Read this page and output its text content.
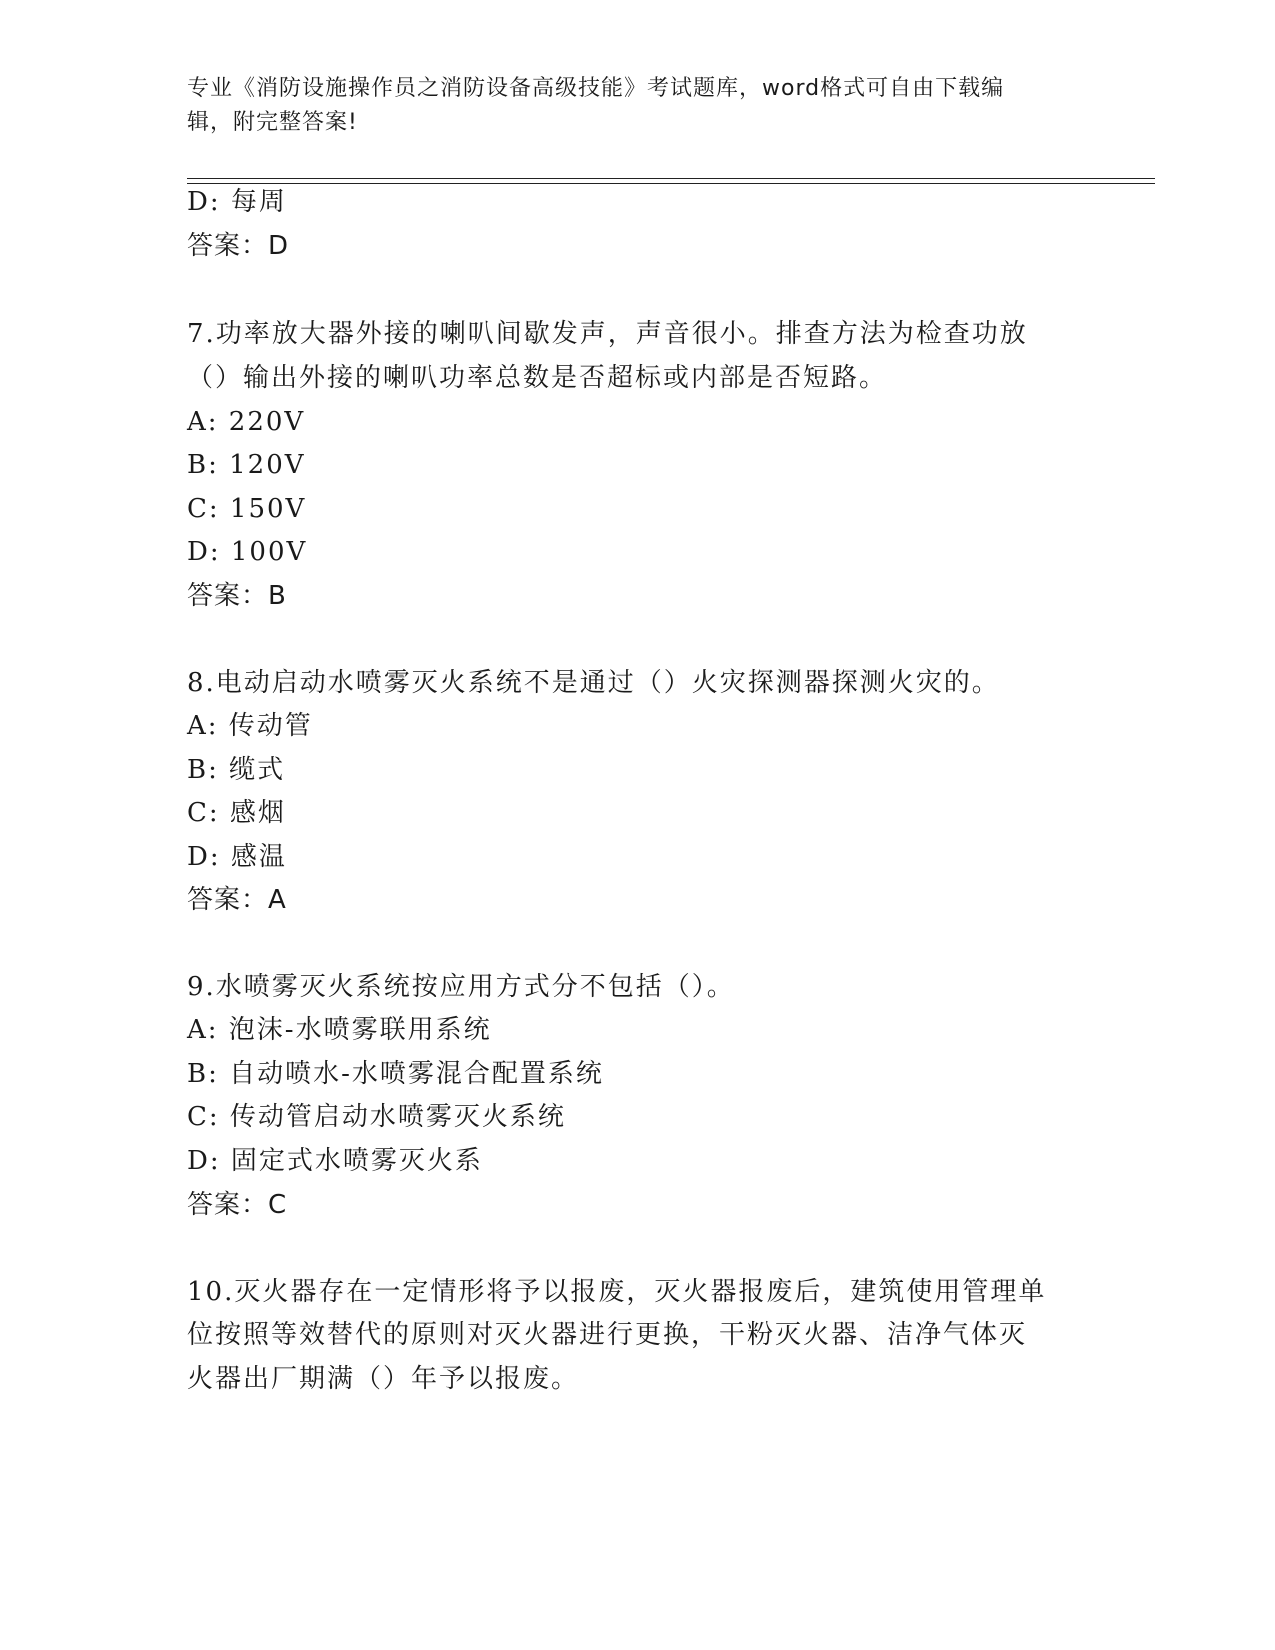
专业《消防设施操作员之消防设备高级技能》考试题库，word格式可自由下载编
辑，附完整答案!
D: 每周
答案：D
7.功率放大器外接的喇叭间歇发声，声音很小。排查方法为检查功放
（）输出外接的喇叭功率总数是否超标或内部是否短路。
A: 220V
B: 120V
C: 150V
D: 100V
答案：B
8.电动启动水喷雾灭火系统不是通过（）火灾探测器探测火灾的。
A: 传动管
B: 缆式
C: 感烟
D: 感温
答案：A
9.水喷雾灭火系统按应用方式分不包括（）。
A: 泡沫-水喷雾联用系统
B: 自动喷水-水喷雾混合配置系统
C: 传动管启动水喷雾灭火系统
D: 固定式水喷雾灭火系
答案：C
10.灭火器存在一定情形将予以报废，灭火器报废后，建筑使用管理单
位按照等效替代的原则对灭火器进行更换，干粉灭火器、洁净气体灭
火器出厂期满（）年予以报废。
